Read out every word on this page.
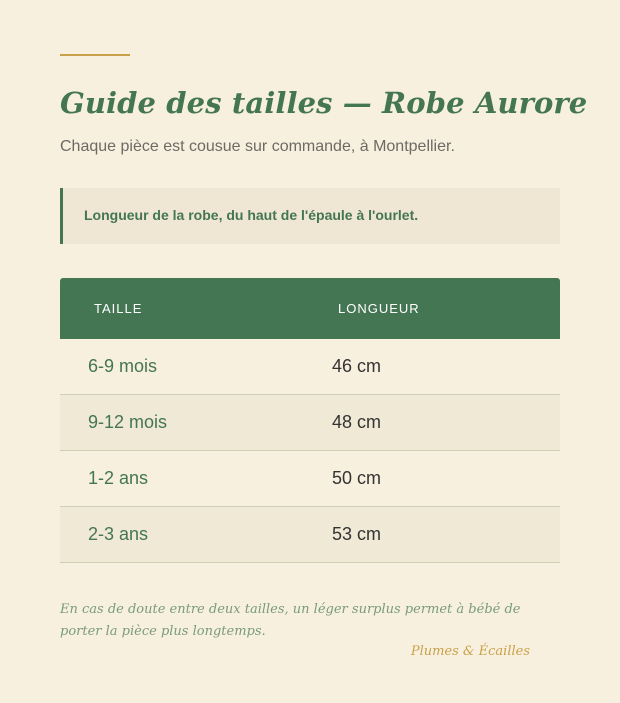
Guide des tailles — Robe Aurore

Chaque pièce est cousue sur commande, à Montpellier.

Longueur de la robe, du haut de l'épaule à l'ourlet.
TAILLE	LONGUEUR
6-9 mois	46 cm
9-12 mois	48 cm
1-2 ans	50 cm
2-3 ans	53 cm

En cas de doute entre deux tailles, un léger surplus permet à bébé de porter la pièce plus longtemps.

Plumes & Écailles
